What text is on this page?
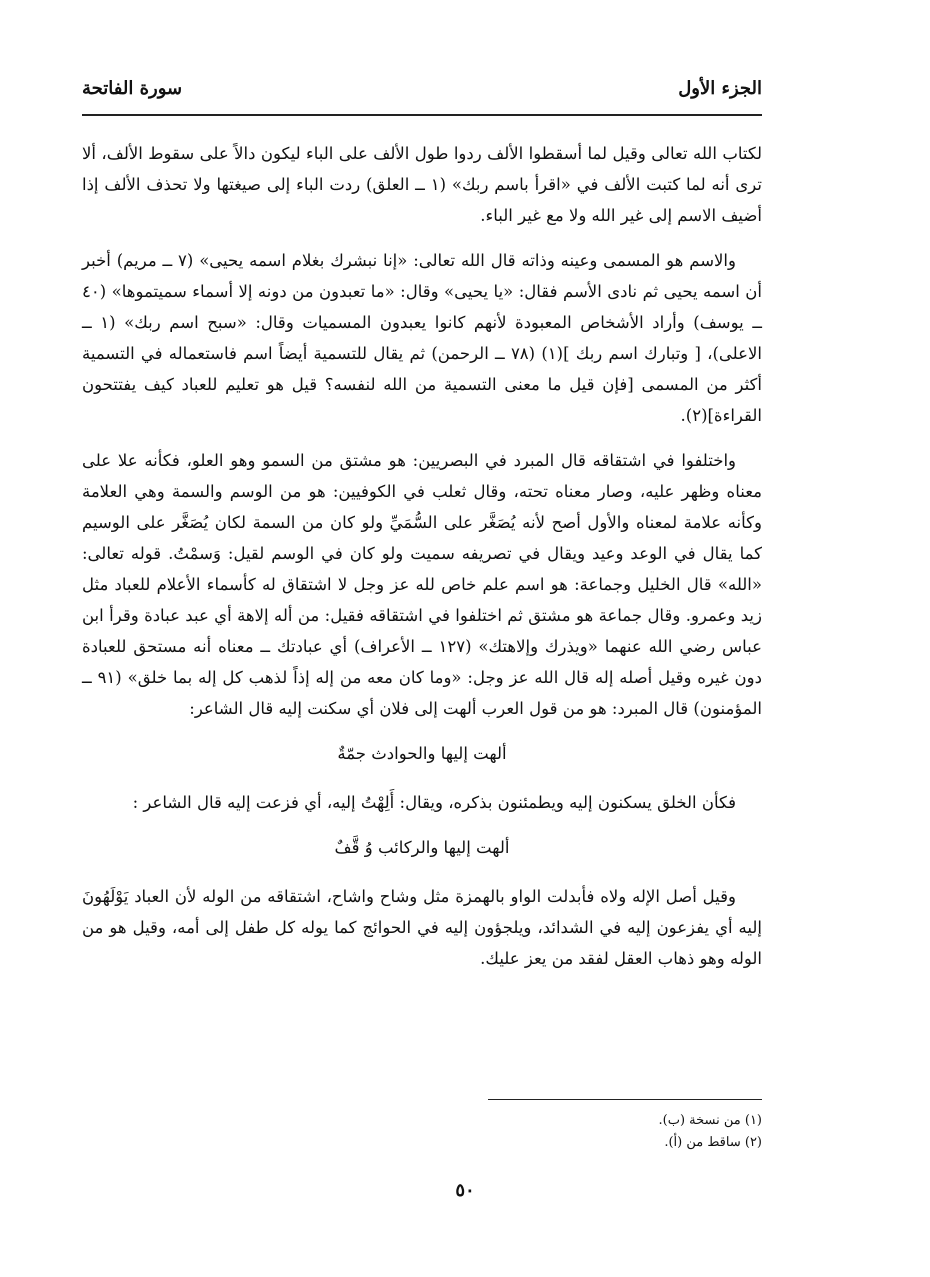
الجزء الأول
سورة الفاتحة

لكتاب الله تعالى وقيل لما أسقطوا الألف ردوا طول الألف على الباء ليكون دالاً على سقوط الألف، ألا ترى أنه لما كتبت الألف في «اقرأ باسم ربك» (١ ــ العلق) ردت الباء إلى صيغتها ولا تحذف الألف إذا أضيف الاسم إلى غير الله ولا مع غير الباء.

والاسم هو المسمى وعينه وذاته قال الله تعالى: «إنا نبشرك بغلام اسمه يحيى» (٧ ــ مريم) أخبر أن اسمه يحيى ثم نادى الأسم فقال: «يا يحيى» وقال: «ما تعبدون من دونه إلا أسماء سميتموها» (٤٠ ــ يوسف) وأراد الأشخاص المعبودة لأنهم كانوا يعبدون المسميات وقال: «سبح اسم ربك» (١ ــ الاعلى)، [ وتبارك اسم ربك ](١) (٧٨ ــ الرحمن) ثم يقال للتسمية أيضاً اسم فاستعماله في التسمية أكثر من المسمى [فإن قيل ما معنى التسمية من الله لنفسه؟ قيل هو تعليم للعباد كيف يفتتحون القراءة](٢).

واختلفوا في اشتقاقه قال المبرد في البصريين: هو مشتق من السمو وهو العلو، فكأنه علا على معناه وظهر عليه، وصار معناه تحته، وقال ثعلب في الكوفيين: هو من الوسم والسمة وهي العلامة وكأنه علامة لمعناه والأول أصح لأنه يُصَغَّر على السُّمَيِّ ولو كان من السمة لكان يُصَغَّر على الوسيم كما يقال في الوعد وعيد ويقال في تصريفه سميت ولو كان في الوسم لقيل: وَسمْتُ. قوله تعالى: «الله» قال الخليل وجماعة: هو اسم علم خاص لله عز وجل لا اشتقاق له كأسماء الأعلام للعباد مثل زيد وعمرو. وقال جماعة هو مشتق ثم اختلفوا في اشتقاقه فقيل: من أله إلاهة أي عبد عبادة وقرأ ابن عباس رضي الله عنهما «ويذرك وإلاهتك» (١٢٧ ــ الأعراف) أي عبادتك ــ معناه أنه مستحق للعبادة دون غيره وقيل أصله إله قال الله عز وجل: «وما كان معه من إله إذاً لذهب كل إله بما خلق» (٩١ ــ المؤمنون) قال المبرد: هو من قول العرب ألهت إلى فلان أي سكنت إليه قال الشاعر:

ألهت إليها والحوادث جمّةٌ

فكأن الخلق يسكنون إليه ويطمئنون بذكره، ويقال: أَلِهْتُ إليه، أي فزعت إليه قال الشاعر :

ألهت إليها والركائب وُ قَّفٌ

وقيل أصل الإله ولاه فأبدلت الواو بالهمزة مثل وشاح واشاح، اشتقاقه من الوله لأن العباد يَوْلَهُونَ إليه أي يفزعون إليه في الشدائد، ويلجؤون إليه في الحوائج كما يوله كل طفل إلى أمه، وقيل هو من الوله وهو ذهاب العقل لفقد من يعز عليك.

(١) من نسخة (ب).
(٢) ساقط من (أ).
٥٠
